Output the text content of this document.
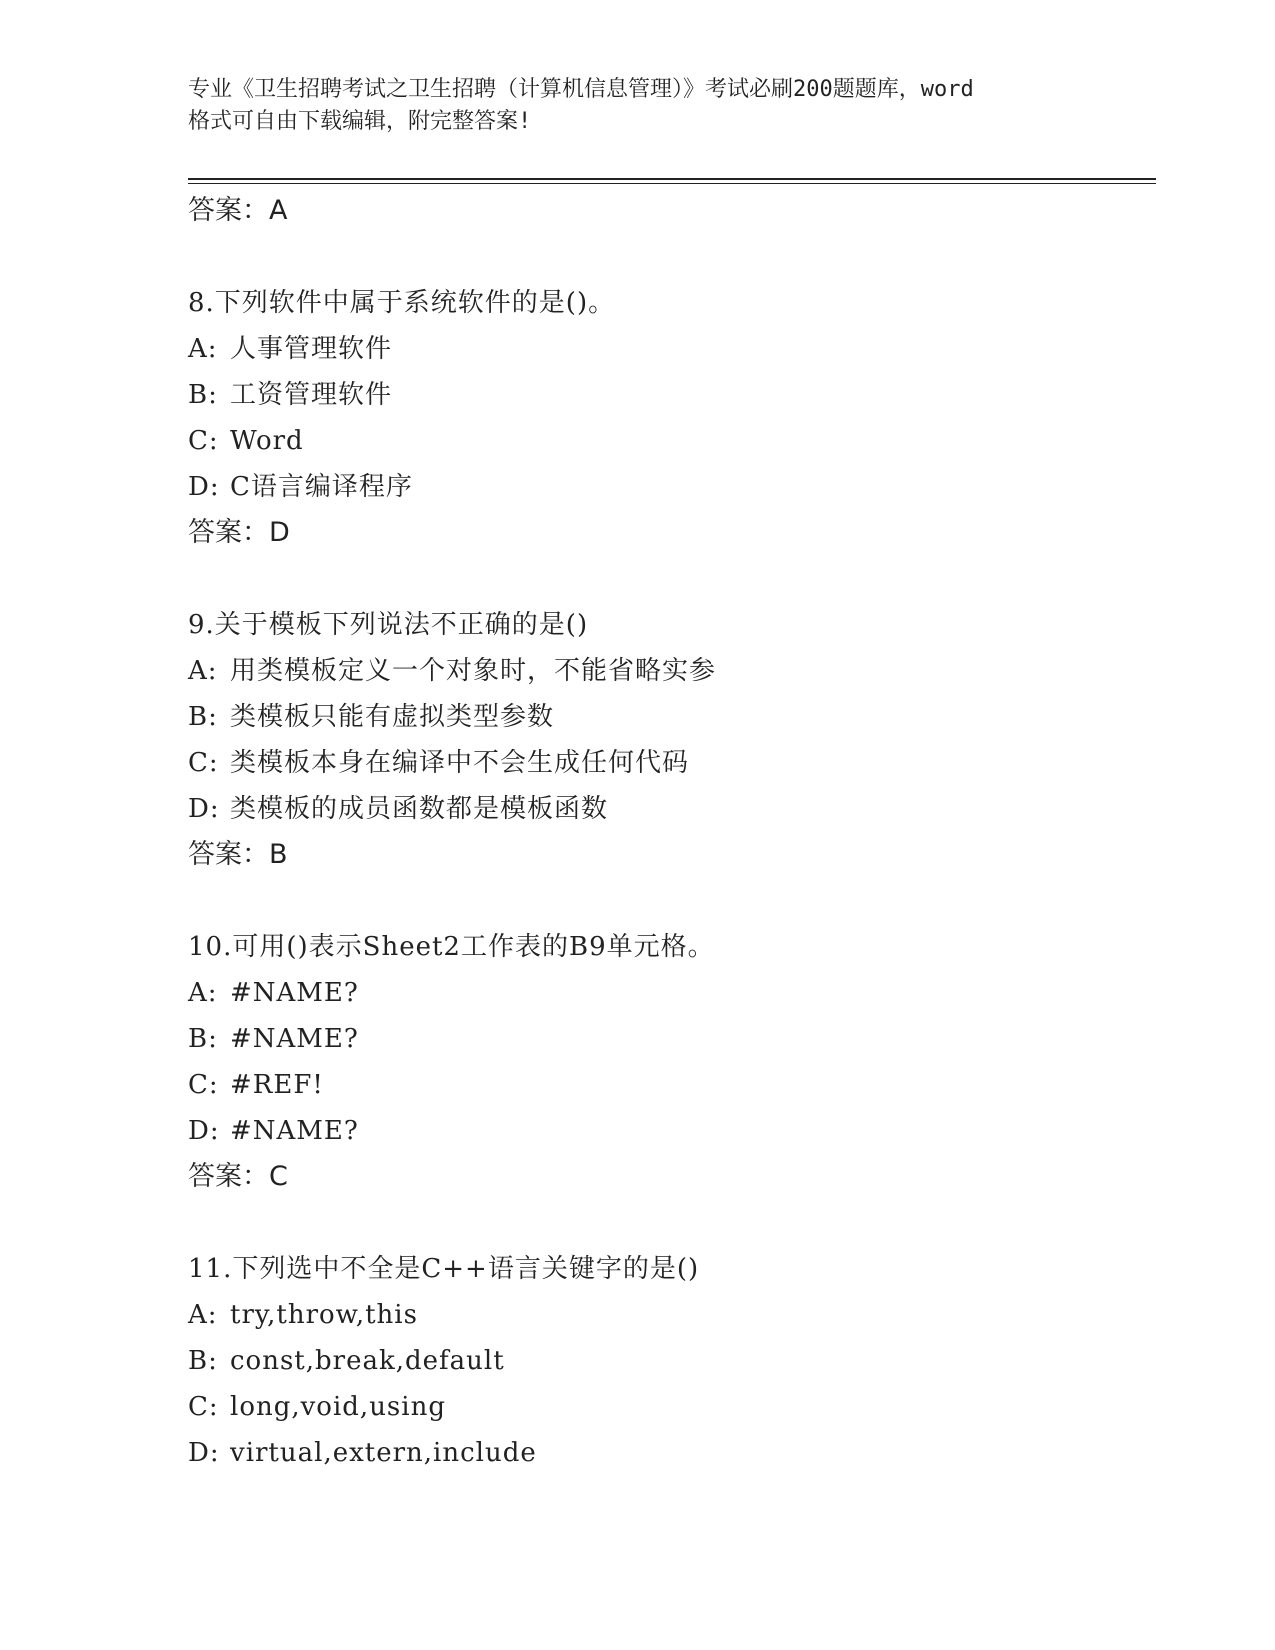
专业《卫生招聘考试之卫生招聘（计算机信息管理）》考试必刷200题题库，word
格式可自由下载编辑，附完整答案!
答案：A
8.下列软件中属于系统软件的是()。
A: 人事管理软件
B: 工资管理软件
C: Word
D: C语言编译程序
答案：D
9.关于模板下列说法不正确的是()
A: 用类模板定义一个对象时，不能省略实参
B: 类模板只能有虚拟类型参数
C: 类模板本身在编译中不会生成任何代码
D: 类模板的成员函数都是模板函数
答案：B
10.可用()表示Sheet2工作表的B9单元格。
A: #NAME?
B: #NAME?
C: #REF!
D: #NAME?
答案：C
11.下列选中不全是C++语言关键字的是()
A: try,throw,this
B: const,break,default
C: long,void,using
D: virtual,extern,include
